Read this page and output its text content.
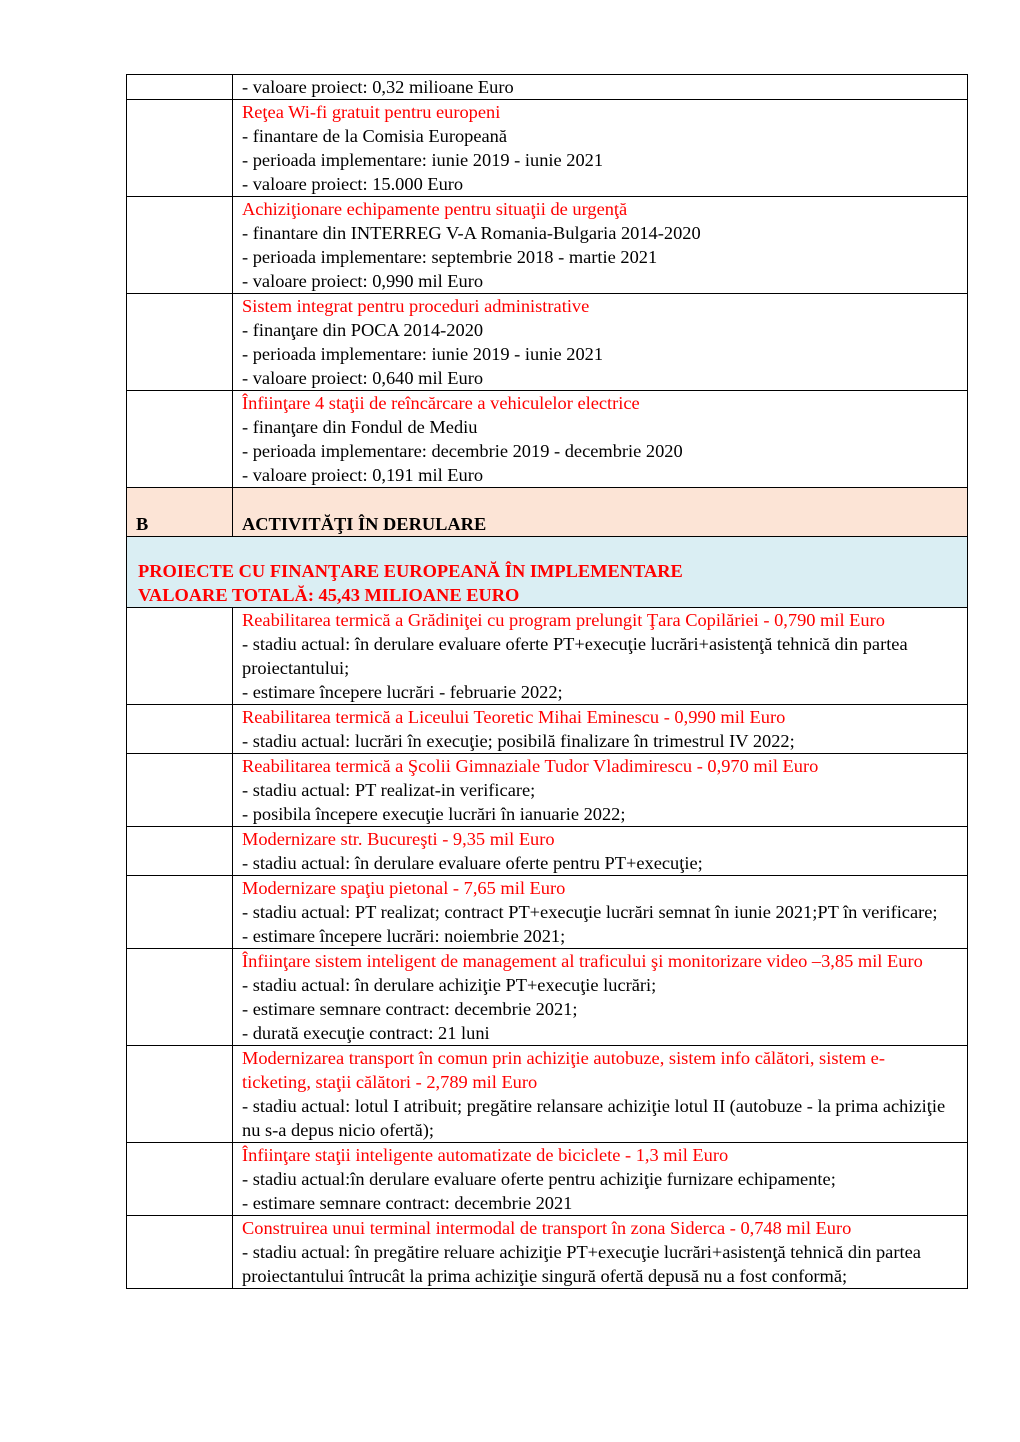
	- valoare proiect: 0,32 milioane Euro

	Reţea Wi-fi gratuit pentru europeni
- finantare de la Comisia Europeană
- perioada implementare: iunie 2019 - iunie 2021
- valoare proiect: 15.000 Euro

	Achiziţionare echipamente pentru situaţii de urgenţă
- finantare din INTERREG V-A Romania-Bulgaria 2014-2020
- perioada implementare: septembrie 2018 - martie 2021
- valoare proiect: 0,990 mil Euro

	Sistem integrat pentru proceduri administrative
- finanţare din POCA 2014-2020
- perioada implementare: iunie 2019 - iunie 2021
- valoare proiect: 0,640 mil Euro

	Înfiinţare 4 staţii de reîncărcare a vehiculelor electrice
- finanţare din Fondul de Mediu
- perioada implementare: decembrie 2019 - decembrie 2020
- valoare proiect: 0,191 mil Euro

B	ACTIVITĂŢI ÎN DERULARE

PROIECTE CU FINANŢARE EUROPEANĂ ÎN IMPLEMENTARE
VALOARE TOTALĂ: 45,43 MILIOANE EURO	

	Reabilitarea termică a Grădiniţei cu program prelungit Ţara Copilăriei - 0,790 mil Euro
- stadiu actual: în derulare evaluare oferte PT+execuţie lucrări+asistenţă tehnică din partea proiectantului;
- estimare începere lucrări - februarie 2022;

	Reabilitarea termică a Liceului Teoretic Mihai Eminescu - 0,990 mil Euro
- stadiu actual: lucrări în execuţie; posibilă finalizare în trimestrul IV 2022;

	Reabilitarea termică a Şcolii Gimnaziale Tudor Vladimirescu - 0,970 mil Euro
- stadiu actual: PT realizat-in verificare;
- posibila începere execuţie lucrări în ianuarie 2022;

	Modernizare str. Bucureşti - 9,35 mil Euro
- stadiu actual: în derulare evaluare oferte pentru PT+execuţie;

	Modernizare spaţiu pietonal - 7,65 mil Euro
- stadiu actual: PT realizat; contract PT+execuţie lucrări semnat în iunie 2021;PT în verificare;
- estimare începere lucrări: noiembrie 2021;

	Înfiinţare sistem inteligent de management al traficului şi monitorizare video –3,85 mil Euro
- stadiu actual: în derulare achiziţie PT+execuţie lucrări;
- estimare semnare contract: decembrie 2021;
- durată execuţie contract: 21 luni

	Modernizarea transport în comun prin achiziţie autobuze, sistem info călători, sistem e-ticketing, staţii călători - 2,789 mil Euro
- stadiu actual: lotul I atribuit; pregătire relansare achiziţie lotul II (autobuze - la prima achiziţie nu s-a depus nicio ofertă);

	Înfiinţare staţii inteligente automatizate de biciclete - 1,3 mil Euro
- stadiu actual:în derulare evaluare oferte pentru achiziţie furnizare echipamente;
- estimare semnare contract: decembrie 2021

	Construirea unui terminal intermodal de transport în zona Siderca - 0,748 mil Euro
- stadiu actual: în pregătire reluare achiziţie PT+execuţie lucrări+asistenţă tehnică din partea proiectantului întrucât la prima achiziţie singură ofertă depusă nu a fost conformă;
